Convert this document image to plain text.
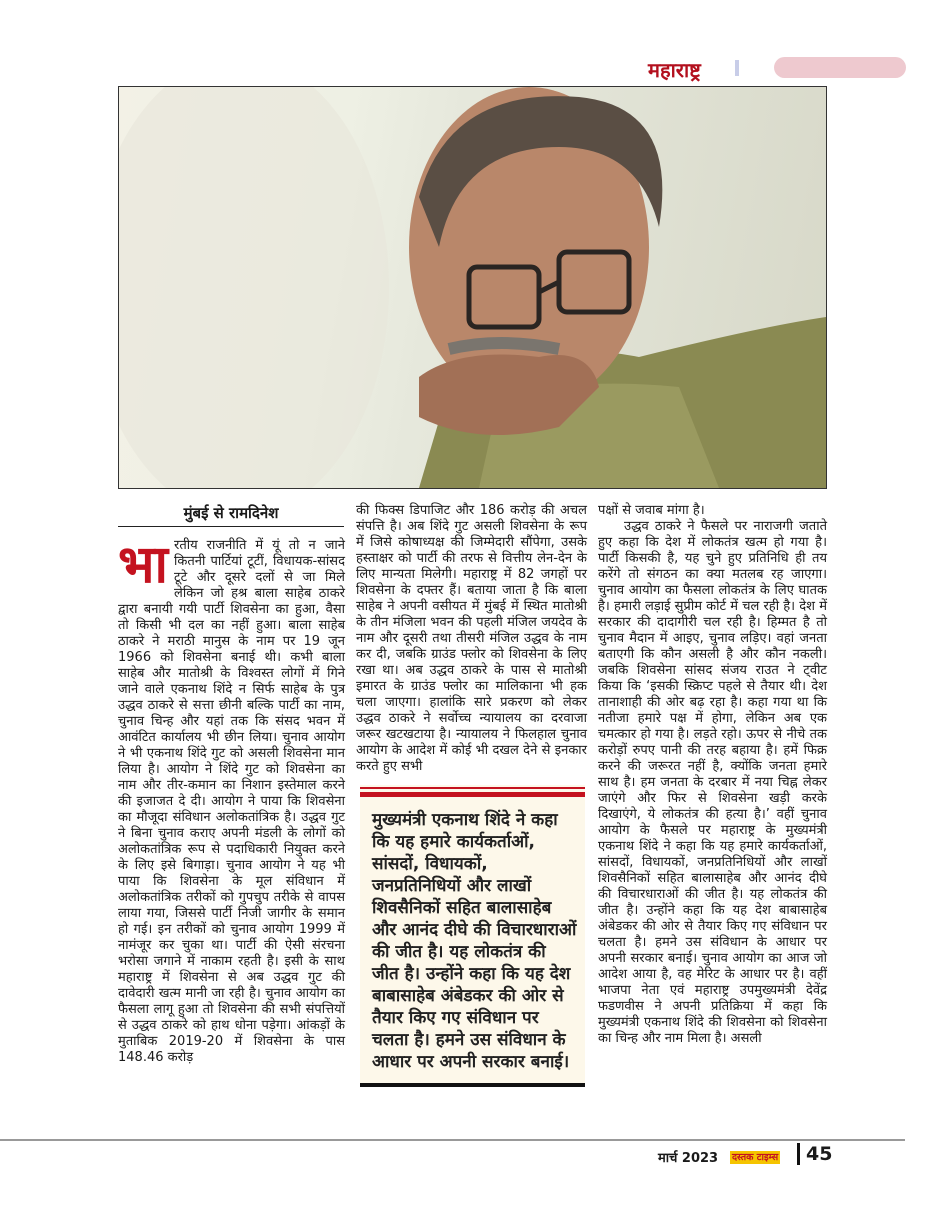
महाराष्ट्र
मुंबई से रामदिनेश

भारतीय राजनीति में यूं तो न जाने कितनी पार्टियां टूटीं, विधायक-सांसद टूटे और दूसरे दलों से जा मिले लेकिन जो हश्र बाला साहेब ठाकरे द्वारा बनायी गयी पार्टी शिवसेना का हुआ, वैसा तो किसी भी दल का नहीं हुआ। बाला साहेब ठाकरे ने मराठी मानुस के नाम पर 19 जून 1966 को शिवसेना बनाई थी। कभी बाला साहेब और मातोश्री के विश्वस्त लोगों में गिने जाने वाले एकनाथ शिंदे न सिर्फ साहेब के पुत्र उद्धव ठाकरे से सत्ता छीनी बल्कि पार्टी का नाम, चुनाव चिन्ह और यहां तक कि संसद भवन में आवंटित कार्यालय भी छीन लिया। चुनाव आयोग ने भी एकनाथ शिंदे गुट को असली शिवसेना मान लिया है। आयोग ने शिंदे गुट को शिवसेना का नाम और तीर-कमान का निशान इस्तेमाल करने की इजाजत दे दी। आयोग ने पाया कि शिवसेना का मौजूदा संविधान अलोकतांत्रिक है। उद्धव गुट ने बिना चुनाव कराए अपनी मंडली के लोगों को अलोकतांत्रिक रूप से पदाधिकारी नियुक्त करने के लिए इसे बिगाड़ा। चुनाव आयोग ने यह भी पाया कि शिवसेना के मूल संविधान में अलोकतांत्रिक तरीकों को गुपचुप तरीके से वापस लाया गया, जिससे पार्टी निजी जागीर के समान हो गई। इन तरीकों को चुनाव आयोग 1999 में नामंजूर कर चुका था। पार्टी की ऐसी संरचना भरोसा जगाने में नाकाम रहती है। इसी के साथ महाराष्ट्र में शिवसेना से अब उद्धव गुट की दावेदारी खत्म मानी जा रही है। चुनाव आयोग का फैसला लागू हुआ तो शिवसेना की सभी संपत्तियों से उद्धव ठाकरे को हाथ धोना पड़ेगा। आंकड़ों के मुताबिक 2019-20 में शिवसेना के पास 148.46 करोड़

की फिक्स डिपाजिट और 186 करोड़ की अचल संपत्ति है। अब शिंदे गुट असली शिवसेना के रूप में जिसे कोषाध्यक्ष की जिम्मेदारी सौंपेगा, उसके हस्ताक्षर को पार्टी की तरफ से वित्तीय लेन-देन के लिए मान्यता मिलेगी। महाराष्ट्र में 82 जगहों पर शिवसेना के दफ्तर हैं। बताया जाता है कि बाला साहेब ने अपनी वसीयत में मुंबई में स्थित मातोश्री के तीन मंजिला भवन की पहली मंजिल जयदेव के नाम और दूसरी तथा तीसरी मंजिल उद्धव के नाम कर दी, जबकि ग्राउंड फ्लोर को शिवसेना के लिए रखा था। अब उद्धव ठाकरे के पास से मातोश्री इमारत के ग्राउंड फ्लोर का मालिकाना भी हक चला जाएगा। हालांकि सारे प्रकरण को लेकर उद्धव ठाकरे ने सर्वोच्च न्यायालय का दरवाजा जरूर खटखटाया है। न्यायालय ने फिलहाल चुनाव आयोग के आदेश में कोई भी दखल देने से इनकार करते हुए सभी

मुख्यमंत्री एकनाथ शिंदे ने कहा कि यह हमारे कार्यकर्ताओं, सांसदों, विधायकों, जनप्रतिनिधियों और लाखों शिवसैनिकों सहित बालासाहेब और आनंद दीघे की विचारधाराओं की जीत है। यह लोकतंत्र की जीत है। उन्होंने कहा कि यह देश बाबासाहेब अंबेडकर की ओर से तैयार किए गए संविधान पर चलता है। हमने उस संविधान के आधार पर अपनी सरकार बनाई।

पक्षों से जवाब मांगा है।

उद्धव ठाकरे ने फैसले पर नाराजगी जताते हुए कहा कि देश में लोकतंत्र खत्म हो गया है। पार्टी किसकी है, यह चुने हुए प्रतिनिधि ही तय करेंगे तो संगठन का क्या मतलब रह जाएगा। चुनाव आयोग का फैसला लोकतंत्र के लिए घातक है। हमारी लड़ाई सुप्रीम कोर्ट में चल रही है। देश में सरकार की दादागीरी चल रही है। हिम्मत है तो चुनाव मैदान में आइए, चुनाव लड़िए। वहां जनता बताएगी कि कौन असली है और कौन नकली। जबकि शिवसेना सांसद संजय राउत ने ट्वीट किया कि ‘इसकी स्क्रिप्ट पहले से तैयार थी। देश तानाशाही की ओर बढ़ रहा है। कहा गया था कि नतीजा हमारे पक्ष में होगा, लेकिन अब एक चमत्कार हो गया है। लड़ते रहो। ऊपर से नीचे तक करोड़ों रुपए पानी की तरह बहाया है। हमें फिक्र करने की जरूरत नहीं है, क्योंकि जनता हमारे साथ है। हम जनता के दरबार में नया चिह्न लेकर जाएंगे और फिर से शिवसेना खड़ी करके दिखाएंगे, ये लोकतंत्र की हत्या है।’ वहीं चुनाव आयोग के फैसले पर महाराष्ट्र के मुख्यमंत्री एकनाथ शिंदे ने कहा कि यह हमारे कार्यकर्ताओं, सांसदों, विधायकों, जनप्रतिनिधियों और लाखों शिवसैनिकों सहित बालासाहेब और आनंद दीघे की विचारधाराओं की जीत है। यह लोकतंत्र की जीत है। उन्होंने कहा कि यह देश बाबासाहेब अंबेडकर की ओर से तैयार किए गए संविधान पर चलता है। हमने उस संविधान के आधार पर अपनी सरकार बनाई। चुनाव आयोग का आज जो आदेश आया है, वह मेरिट के आधार पर है। वहीं भाजपा नेता एवं महाराष्ट्र उपमुख्यमंत्री देवेंद्र फडणवीस ने अपनी प्रतिक्रिया में कहा कि मुख्यमंत्री एकनाथ शिंदे की शिवसेना को शिवसेना का चिन्ह और नाम मिला है। असली

मार्च 2023 दस्तक टाइम्स 45
